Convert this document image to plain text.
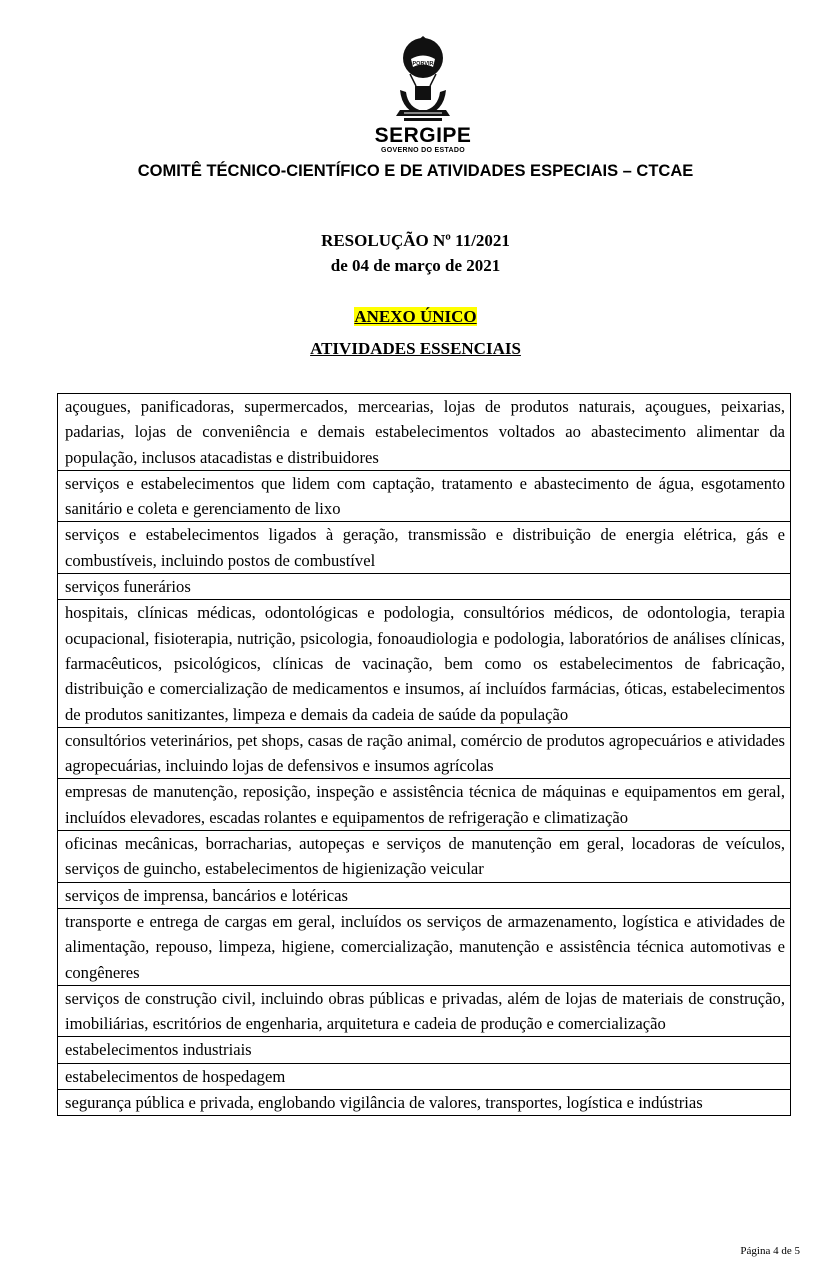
PORVIR
SERGIPE
GOVERNO DO ESTADO
COMITÊ TÉCNICO-CIENTÍFICO E DE ATIVIDADES ESPECIAIS – CTCAE
RESOLUÇÃO Nº 11/2021
de 04 de março de 2021
ANEXO ÚNICO
ATIVIDADES ESSENCIAIS
açougues, panificadoras, supermercados, mercearias, lojas de produtos naturais, açougues, peixarias, padarias, lojas de conveniência e demais estabelecimentos voltados ao abastecimento alimentar da população, inclusos atacadistas e distribuidores
serviços e estabelecimentos que lidem com captação, tratamento e abastecimento de água, esgotamento sanitário e coleta e gerenciamento de lixo
serviços e estabelecimentos ligados à geração, transmissão e distribuição de energia elétrica, gás e combustíveis, incluindo postos de combustível
serviços funerários
hospitais, clínicas médicas, odontológicas e podologia, consultórios médicos, de odontologia, terapia ocupacional, fisioterapia, nutrição, psicologia, fonoaudiologia e podologia, laboratórios de análises clínicas, farmacêuticos, psicológicos, clínicas de vacinação, bem como os estabelecimentos de fabricação, distribuição e comercialização de medicamentos e insumos, aí incluídos farmácias, óticas, estabelecimentos de produtos sanitizantes, limpeza e demais da cadeia de saúde da população
consultórios veterinários, pet shops, casas de ração animal, comércio de produtos agropecuários e atividades agropecuárias, incluindo lojas de defensivos e insumos agrícolas
empresas de manutenção, reposição, inspeção e assistência técnica de máquinas e equipamentos em geral, incluídos elevadores, escadas rolantes e equipamentos de refrigeração e climatização
oficinas mecânicas, borracharias, autopeças e serviços de manutenção em geral, locadoras de veículos, serviços de guincho, estabelecimentos de higienização veicular
serviços de imprensa, bancários e lotéricas
transporte e entrega de cargas em geral, incluídos os serviços de armazenamento, logística e atividades de alimentação, repouso, limpeza, higiene, comercialização, manutenção e assistência técnica automotivas e congêneres
serviços de construção civil, incluindo obras públicas e privadas, além de lojas de materiais de construção, imobiliárias, escritórios de engenharia, arquitetura e cadeia de produção e comercialização
estabelecimentos industriais
estabelecimentos de hospedagem
segurança pública e privada, englobando vigilância de valores, transportes, logística e indústrias
Página 4 de 5
